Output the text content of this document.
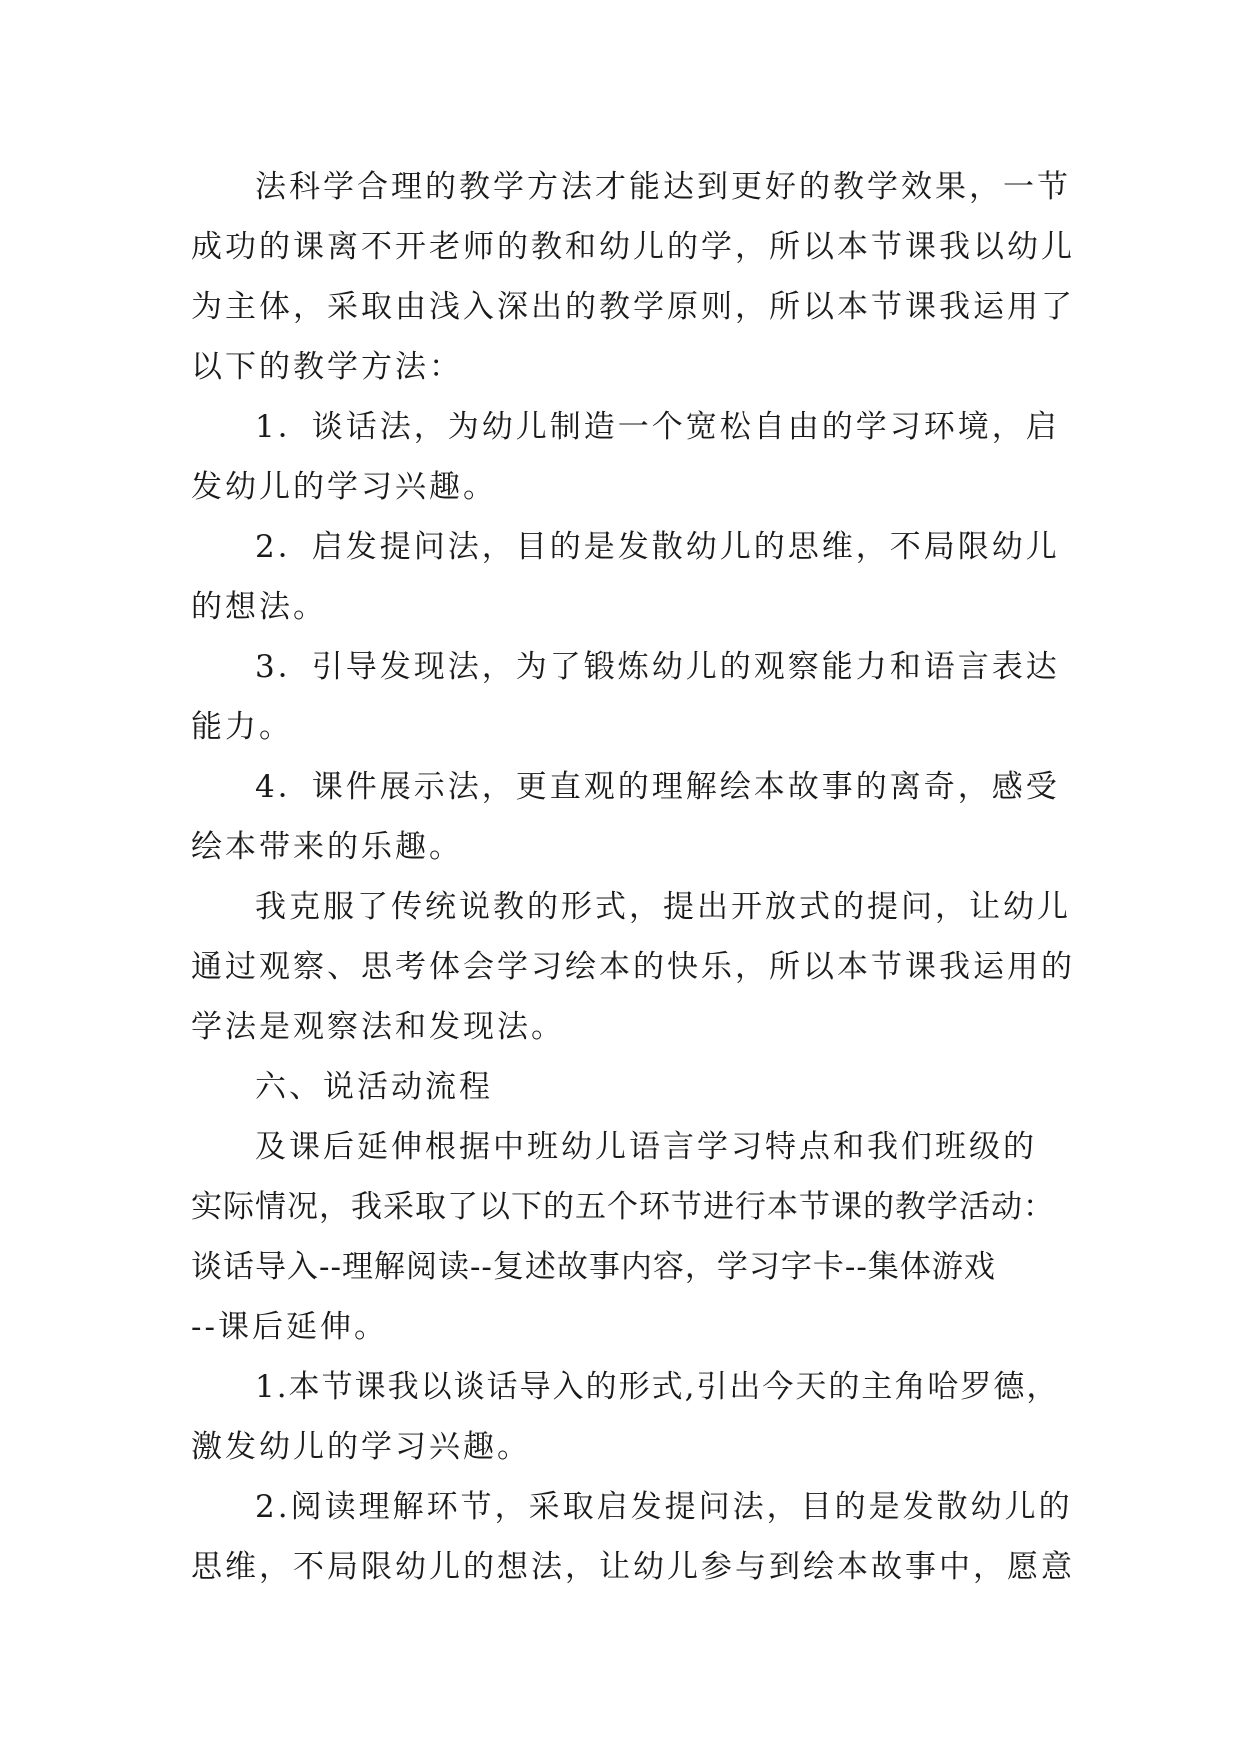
法科学合理的教学方法才能达到更好的教学效果，一节
成功的课离不开老师的教和幼儿的学，所以本节课我以幼儿
为主体，采取由浅入深出的教学原则，所以本节课我运用了
以下的教学方法：
1．谈话法，为幼儿制造一个宽松自由的学习环境，启
发幼儿的学习兴趣。
2．启发提问法，目的是发散幼儿的思维，不局限幼儿
的想法。
3．引导发现法，为了锻炼幼儿的观察能力和语言表达
能力。
4．课件展示法，更直观的理解绘本故事的离奇，感受
绘本带来的乐趣。
我克服了传统说教的形式，提出开放式的提问，让幼儿
通过观察、思考体会学习绘本的快乐，所以本节课我运用的
学法是观察法和发现法。
六、说活动流程
及课后延伸根据中班幼儿语言学习特点和我们班级的
实际情况，我采取了以下的五个环节进行本节课的教学活动：
谈话导入--理解阅读--复述故事内容，学习字卡--集体游戏
--课后延伸。
1.本节课我以谈话导入的形式,引出今天的主角哈罗德，
激发幼儿的学习兴趣。
2.阅读理解环节，采取启发提问法，目的是发散幼儿的
思维，不局限幼儿的想法，让幼儿参与到绘本故事中，愿意
